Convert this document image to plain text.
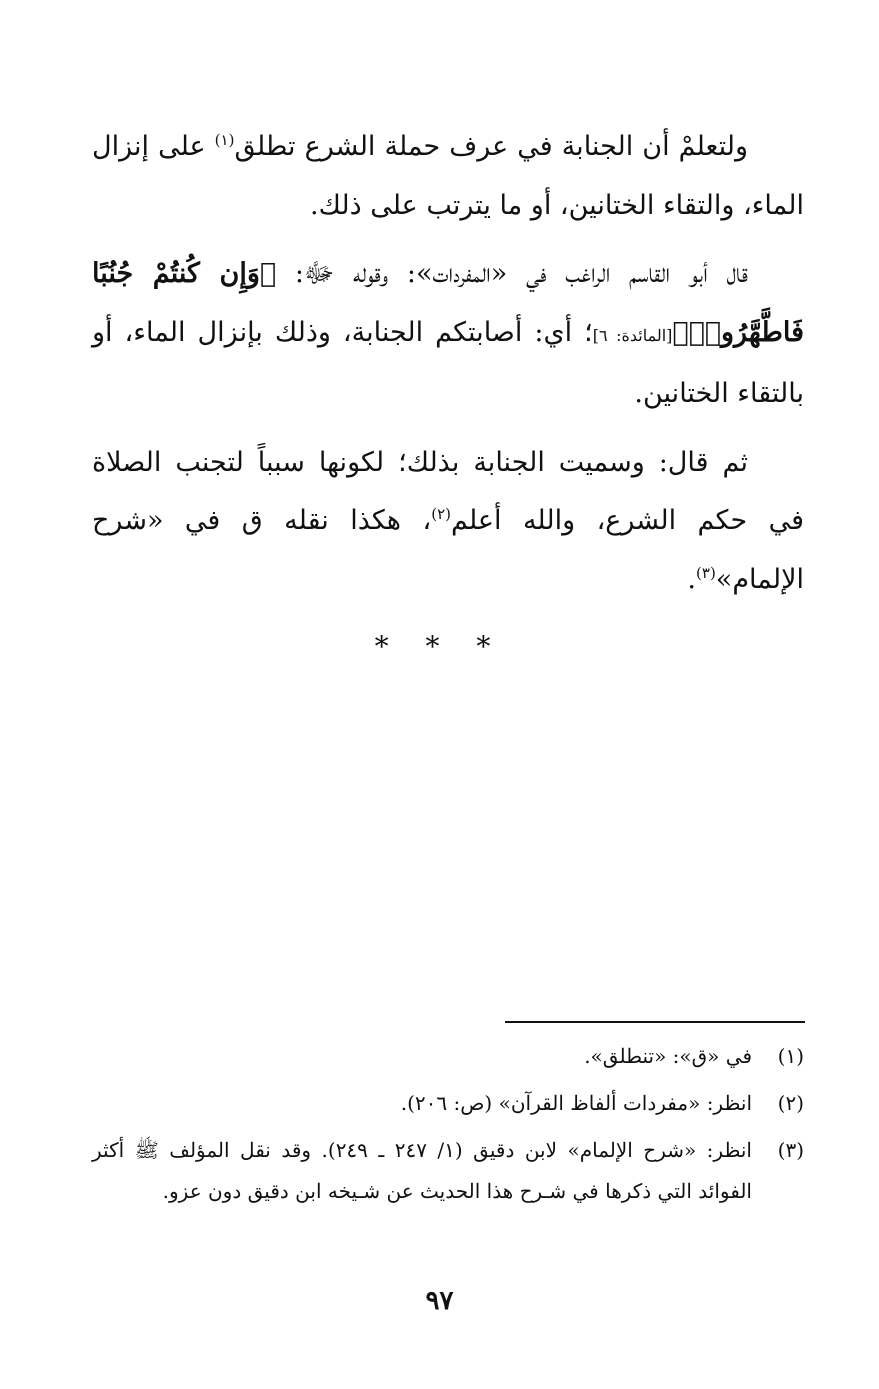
ولتعلمْ أن الجنابة في عرف حملة الشرع تطلق$^{(١)}$ على إنزال الماء، والتقاء الختانين، أو ما يترتب على ذلك.

قال أبو القاسم الراغب في «المفردات»: وقوله ﷻ: ﴿وَإِن كُنتُمْ جُنُبًا فَاطَّهَّرُوا۟﴾[المائدة: ٦]؛ أي: أصابتكم الجنابة، وذلك بإنزال الماء، أو بالتقاء الختانين.

ثم قال: وسميت الجنابة بذلك؛ لكونها سبباً لتجنب الصلاة في حكم الشرع، والله أعلم$^{(٢)}$، هكذا نقله ق في «شرح الإلمام»$^{(٣)}$.

* * *
(١)
في «ق»: «تنطلق».
(٢)
انظر: «مفردات ألفاظ القرآن» (ص: ٢٠٦).
(٣)
انظر: «شرح الإلمام» لابن دقيق (١/ ٢٤٧ ـ ٢٤٩). وقد نقل المؤلف ﷺ أكثر الفوائد التي ذكرها في شـرح هذا الحديث عن شـيخه ابن دقيق دون عزو.
٩٧
